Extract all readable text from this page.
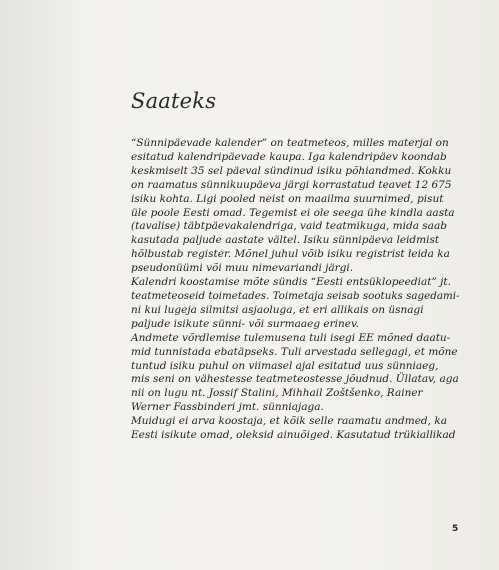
Saateks
“Sünnipäevade kalender” on teatmeteos, milles materjal on
esitatud kalendripäevade kaupa. Iga kalendripäev koondab
keskmiselt 35 sel päeval sündinud isiku põhiandmed. Kokku
on raamatus sünnikuupäeva järgi korrastatud teavet 12 675
isiku kohta. Ligi pooled neist on maailma suurnimed, pisut
üle poole Eesti omad. Tegemist ei ole seega ühe kindla aasta
(tavalise) täbtpäevakalendriga, vaid teatmikuga, mida saab
kasutada paljude aastate vältel. Isiku sünnipäeva leidmist
hõlbustab register. Mõnel juhul võib isiku registrist leida ka
pseudonüümi või muu nimevariandi järgi.
Kalendri koostamise mõte sündis “Eesti entsüklopeediat” jt.
teatmeteoseid toimetades. Toimetaja seisab sootuks sagedami-
ni kui lugeja silmitsi asjaoluga, et eri allikais on üsnagi
paljude isikute sünni- või surmaaeg erinev.
Andmete võrdlemise tulemusena tuli isegi EE mõned daatu-
mid tunnistada ebatäpseks. Tuli arvestada sellegagi, et mõne
tuntud isiku puhul on viimasel ajal esitatud uus sünniaeg,
mis seni on vähestesse teatmeteostesse jõudnud. Üllatav, aga
nii on lugu nt. Jossif Stalini, Mihhail Zoštšenko, Rainer
Werner Fassbinderi jmt. sünniajaga.
Muidugi ei arva koostaja, et kõik selle raamatu andmed, ka
Eesti isikute omad, oleksid ainuõiged. Kasutatud trükiallikad
5
